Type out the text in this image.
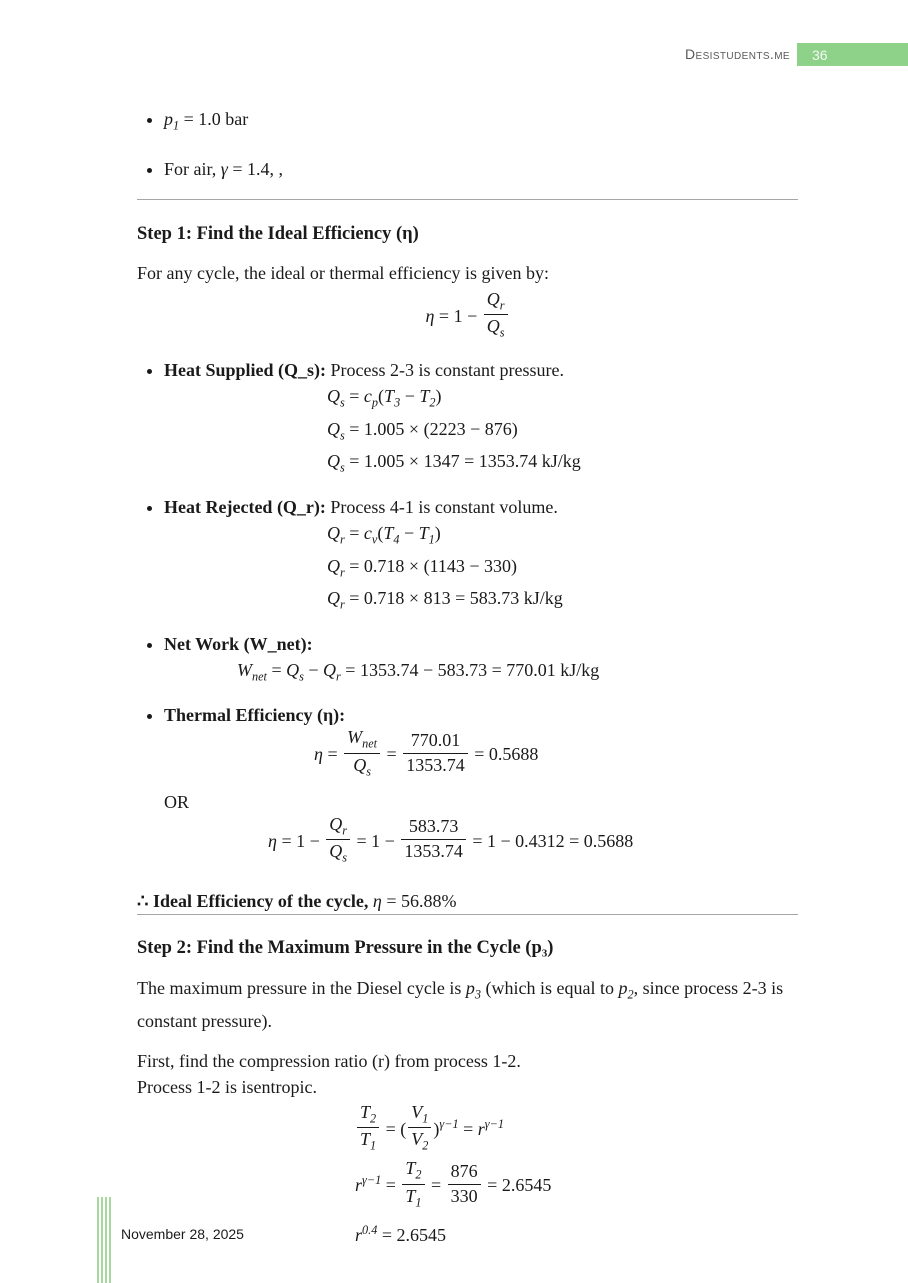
Desistudents.me	36
• $p_1 = 1.0$ bar
• For air, γ = 1.4, ,
Step 1: Find the Ideal Efficiency (η)

For any cycle, the ideal or thermal efficiency is given by:

$\eta = 1 - \frac{Q_r}{Q_s}$
• Heat Supplied (Q_s): Process 2-3 is constant pressure.
$Q_s = c_p(T_3 - T_2)$
$Q_s = 1.005 \times (2223 - 876)$
$Q_s = 1.005 \times 1347 = 1353.74$ kJ/kg
• Heat Rejected (Q_r): Process 4-1 is constant volume.
$Q_r = c_v(T_4 - T_1)$
$Q_r = 0.718 \times (1143 - 330)$
$Q_r = 0.718 \times 813 = 583.73$ kJ/kg
• Net Work (W_net):
$W_{net} = Q_s - Q_r = 1353.74 - 583.73 = 770.01$ kJ/kg
• Thermal Efficiency (η):
$\eta = \frac{W_{net}}{Q_s} = \frac{770.01}{1353.74} = 0.5688$
OR
$\eta = 1 - \frac{Q_r}{Q_s} = 1 - \frac{583.73}{1353.74} = 1 - 0.4312 = 0.5688$

∴ Ideal Efficiency of the cycle, η = 56.88%

Step 2: Find the Maximum Pressure in the Cycle (p₃)

The maximum pressure in the Diesel cycle is $p_3$ (which is equal to $p_2$, since process 2-3 is constant pressure).

First, find the compression ratio (r) from process 1-2.
Process 1-2 is isentropic.

$\frac{T_2}{T_1}$ = ( $\frac{V_1}{V_2} )^{\gamma-1} = r^{\gamma-1}$
$r^{\gamma-1} = \frac{T_2}{T_1} = \frac{876}{330} = 2.6545$
$r^{0.4} = 2.6545$
November 28, 2025
